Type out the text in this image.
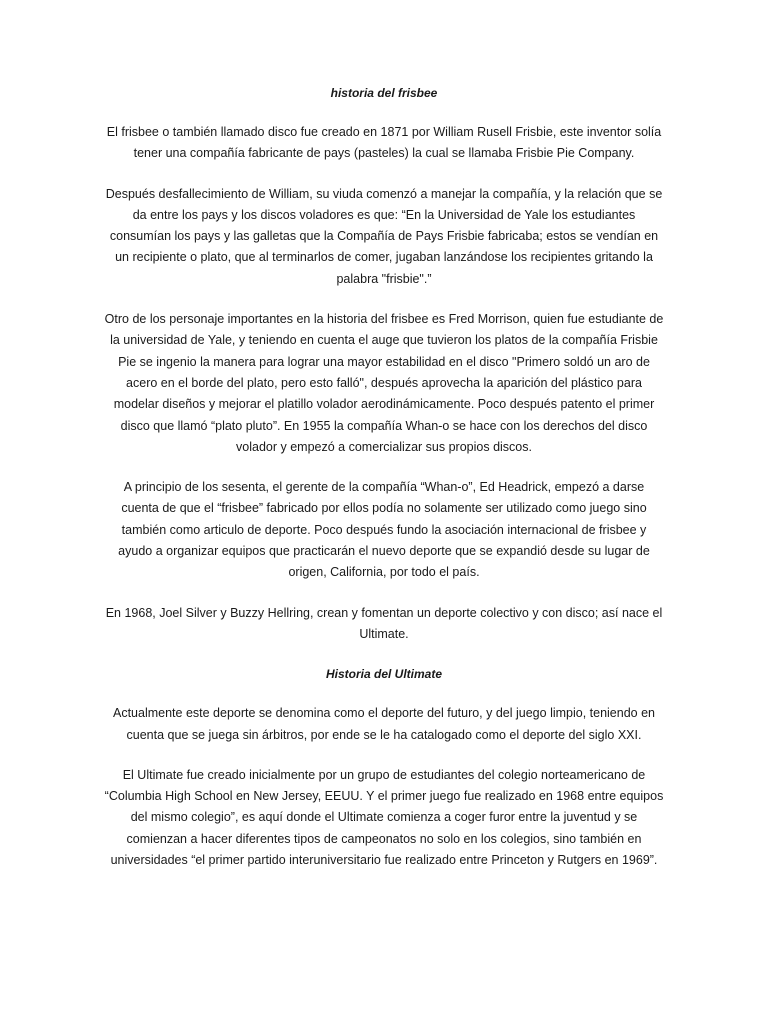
historia del frisbee

El frisbee o también llamado disco fue creado en 1871 por William Rusell Frisbie, este inventor solía tener una compañía fabricante de pays (pasteles) la cual se llamaba Frisbie Pie Company.

Después desfallecimiento de William, su viuda comenzó a manejar la compañía, y la relación que se da entre los pays y los discos voladores es que: “En la Universidad de Yale los estudiantes consumían los pays y las galletas que la Compañía de Pays Frisbie fabricaba; estos se vendían en un recipiente o plato, que al terminarlos de comer, jugaban lanzándose los recipientes gritando la palabra "frisbie".”

Otro de los personaje importantes en la historia del frisbee es Fred Morrison, quien fue estudiante de la universidad de Yale, y teniendo en cuenta el auge que tuvieron los platos de la compañía Frisbie Pie se ingenio la manera para lograr una mayor estabilidad en el disco "Primero soldó un aro de acero en el borde del plato, pero esto falló", después aprovecha la aparición del plástico para modelar diseños y mejorar el platillo volador aerodinámicamente. Poco después patento el primer disco que llamó “plato pluto”. En 1955 la compañía Whan-o se hace con los derechos del disco volador y empezó a comercializar sus propios discos.

A principio de los sesenta, el gerente de la compañía “Whan-o”, Ed Headrick, empezó a darse cuenta de que el “frisbee” fabricado por ellos podía no solamente ser utilizado como juego sino también como articulo de deporte. Poco después fundo la asociación internacional de frisbee y ayudo a organizar equipos que practicarán el nuevo deporte que se expandió desde su lugar de origen, California, por todo el país.

En 1968, Joel Silver y Buzzy Hellring, crean y fomentan un deporte colectivo y con disco; así nace el Ultimate.

Historia del Ultimate

Actualmente este deporte se denomina como el deporte del futuro, y del juego limpio, teniendo en cuenta que se juega sin árbitros, por ende se le ha catalogado como el deporte del siglo XXI.

El Ultimate fue creado inicialmente por un grupo de estudiantes del colegio norteamericano de “Columbia High School en New Jersey, EEUU. Y el primer juego fue realizado en 1968 entre equipos del mismo colegio”, es aquí donde el Ultimate comienza a coger furor entre la juventud y se comienzan a hacer diferentes tipos de campeonatos no solo en los colegios, sino también en universidades “el primer partido interuniversitario fue realizado entre Princeton y Rutgers en 1969”.
